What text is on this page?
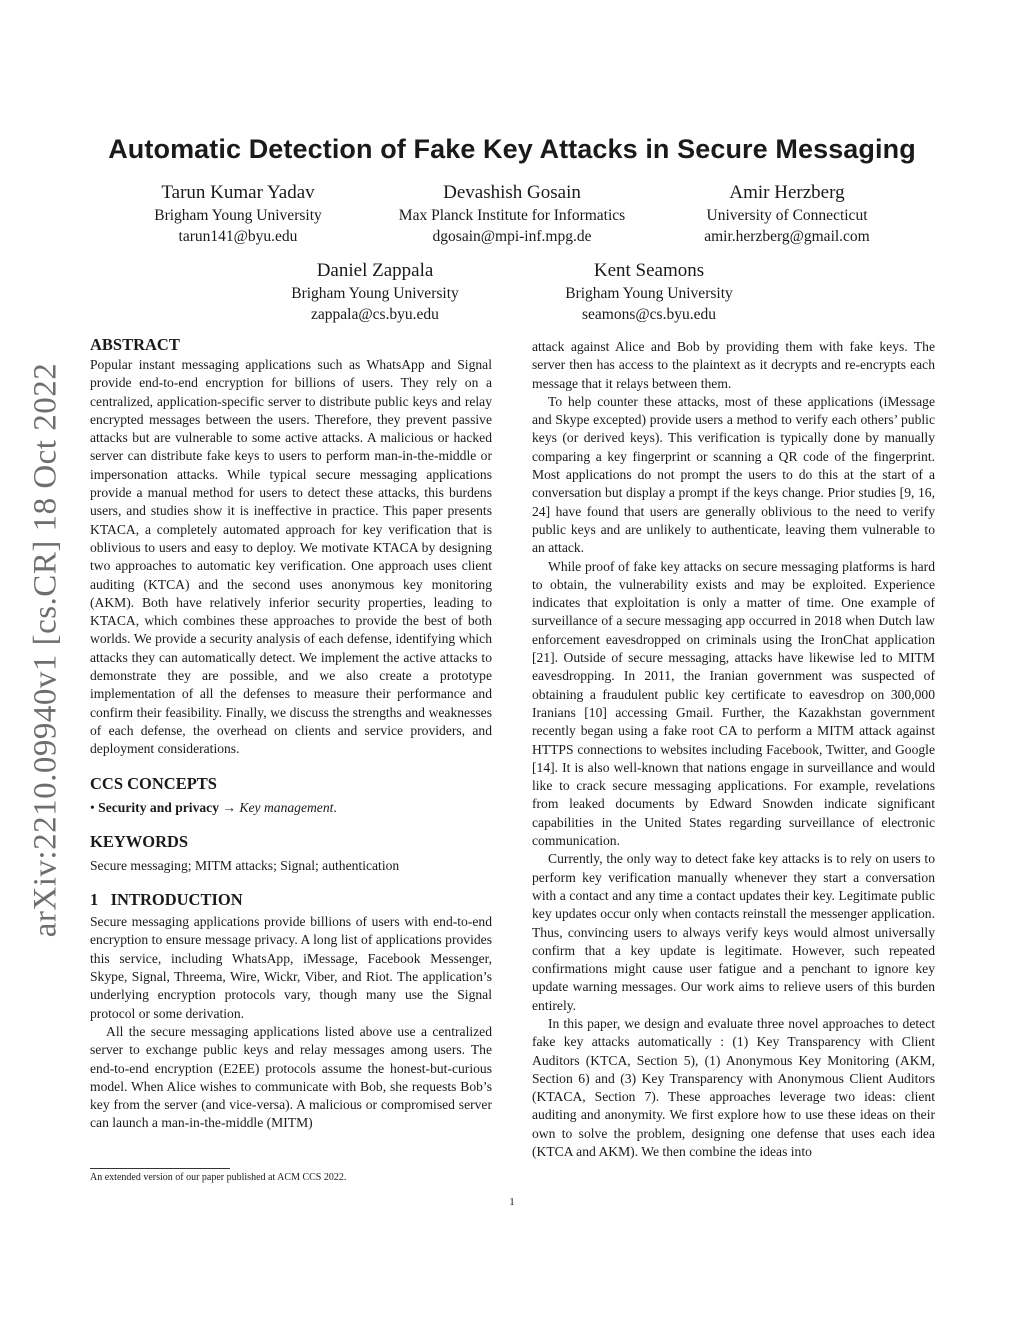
Automatic Detection of Fake Key Attacks in Secure Messaging
Tarun Kumar Yadav
Brigham Young University
tarun141@byu.edu
Devashish Gosain
Max Planck Institute for Informatics
dgosain@mpi-inf.mpg.de
Amir Herzberg
University of Connecticut
amir.herzberg@gmail.com
Daniel Zappala
Brigham Young University
zappala@cs.byu.edu
Kent Seamons
Brigham Young University
seamons@cs.byu.edu
arXiv:2210.09940v1 [cs.CR] 18 Oct 2022
ABSTRACT

Popular instant messaging applications such as WhatsApp and Signal provide end-to-end encryption for billions of users. They rely on a centralized, application-specific server to distribute public keys and relay encrypted messages between the users. Therefore, they prevent passive attacks but are vulnerable to some active attacks. A malicious or hacked server can distribute fake keys to users to perform man-in-the-middle or impersonation attacks. While typical secure messaging applications provide a manual method for users to detect these attacks, this burdens users, and studies show it is ineffective in practice. This paper presents KTACA, a completely automated approach for key verification that is oblivious to users and easy to deploy. We motivate KTACA by designing two approaches to automatic key verification. One approach uses client auditing (KTCA) and the second uses anonymous key monitoring (AKM). Both have relatively inferior security properties, leading to KTACA, which combines these approaches to provide the best of both worlds. We provide a security analysis of each defense, identifying which attacks they can automatically detect. We implement the active attacks to demonstrate they are possible, and we also create a prototype implementation of all the defenses to measure their performance and confirm their feasibility. Finally, we discuss the strengths and weaknesses of each defense, the overhead on clients and service providers, and deployment considerations.

CCS CONCEPTS

• Security and privacy → Key management.

KEYWORDS

Secure messaging; MITM attacks; Signal; authentication

1 INTRODUCTION

Secure messaging applications provide billions of users with end-to-end encryption to ensure message privacy. A long list of applications provides this service, including WhatsApp, iMessage, Facebook Messenger, Skype, Signal, Threema, Wire, Wickr, Viber, and Riot. The application’s underlying encryption protocols vary, though many use the Signal protocol or some derivation.

All the secure messaging applications listed above use a centralized server to exchange public keys and relay messages among users. The end-to-end encryption (E2EE) protocols assume the honest-but-curious model. When Alice wishes to communicate with Bob, she requests Bob’s key from the server (and vice-versa). A malicious or compromised server can launch a man-in-the-middle (MITM)

attack against Alice and Bob by providing them with fake keys. The server then has access to the plaintext as it decrypts and re-encrypts each message that it relays between them.

To help counter these attacks, most of these applications (iMessage and Skype excepted) provide users a method to verify each others’ public keys (or derived keys). This verification is typically done by manually comparing a key fingerprint or scanning a QR code of the fingerprint. Most applications do not prompt the users to do this at the start of a conversation but display a prompt if the keys change. Prior studies [9, 16, 24] have found that users are generally oblivious to the need to verify public keys and are unlikely to authenticate, leaving them vulnerable to an attack.

While proof of fake key attacks on secure messaging platforms is hard to obtain, the vulnerability exists and may be exploited. Experience indicates that exploitation is only a matter of time. One example of surveillance of a secure messaging app occurred in 2018 when Dutch law enforcement eavesdropped on criminals using the IronChat application [21]. Outside of secure messaging, attacks have likewise led to MITM eavesdropping. In 2011, the Iranian government was suspected of obtaining a fraudulent public key certificate to eavesdrop on 300,000 Iranians [10] accessing Gmail. Further, the Kazakhstan government recently began using a fake root CA to perform a MITM attack against HTTPS connections to websites including Facebook, Twitter, and Google [14]. It is also well-known that nations engage in surveillance and would like to crack secure messaging applications. For example, revelations from leaked documents by Edward Snowden indicate significant capabilities in the United States regarding surveillance of electronic communication.

Currently, the only way to detect fake key attacks is to rely on users to perform key verification manually whenever they start a conversation with a contact and any time a contact updates their key. Legitimate public key updates occur only when contacts reinstall the messenger application. Thus, convincing users to always verify keys would almost universally confirm that a key update is legitimate. However, such repeated confirmations might cause user fatigue and a penchant to ignore key update warning messages. Our work aims to relieve users of this burden entirely.

In this paper, we design and evaluate three novel approaches to detect fake key attacks automatically : (1) Key Transparency with Client Auditors (KTCA, Section 5), (1) Anonymous Key Monitoring (AKM, Section 6) and (3) Key Transparency with Anonymous Client Auditors (KTACA, Section 7). These approaches leverage two ideas: client auditing and anonymity. We first explore how to use these ideas on their own to solve the problem, designing one defense that uses each idea (KTCA and AKM). We then combine the ideas into

An extended version of our paper published at ACM CCS 2022.
1
